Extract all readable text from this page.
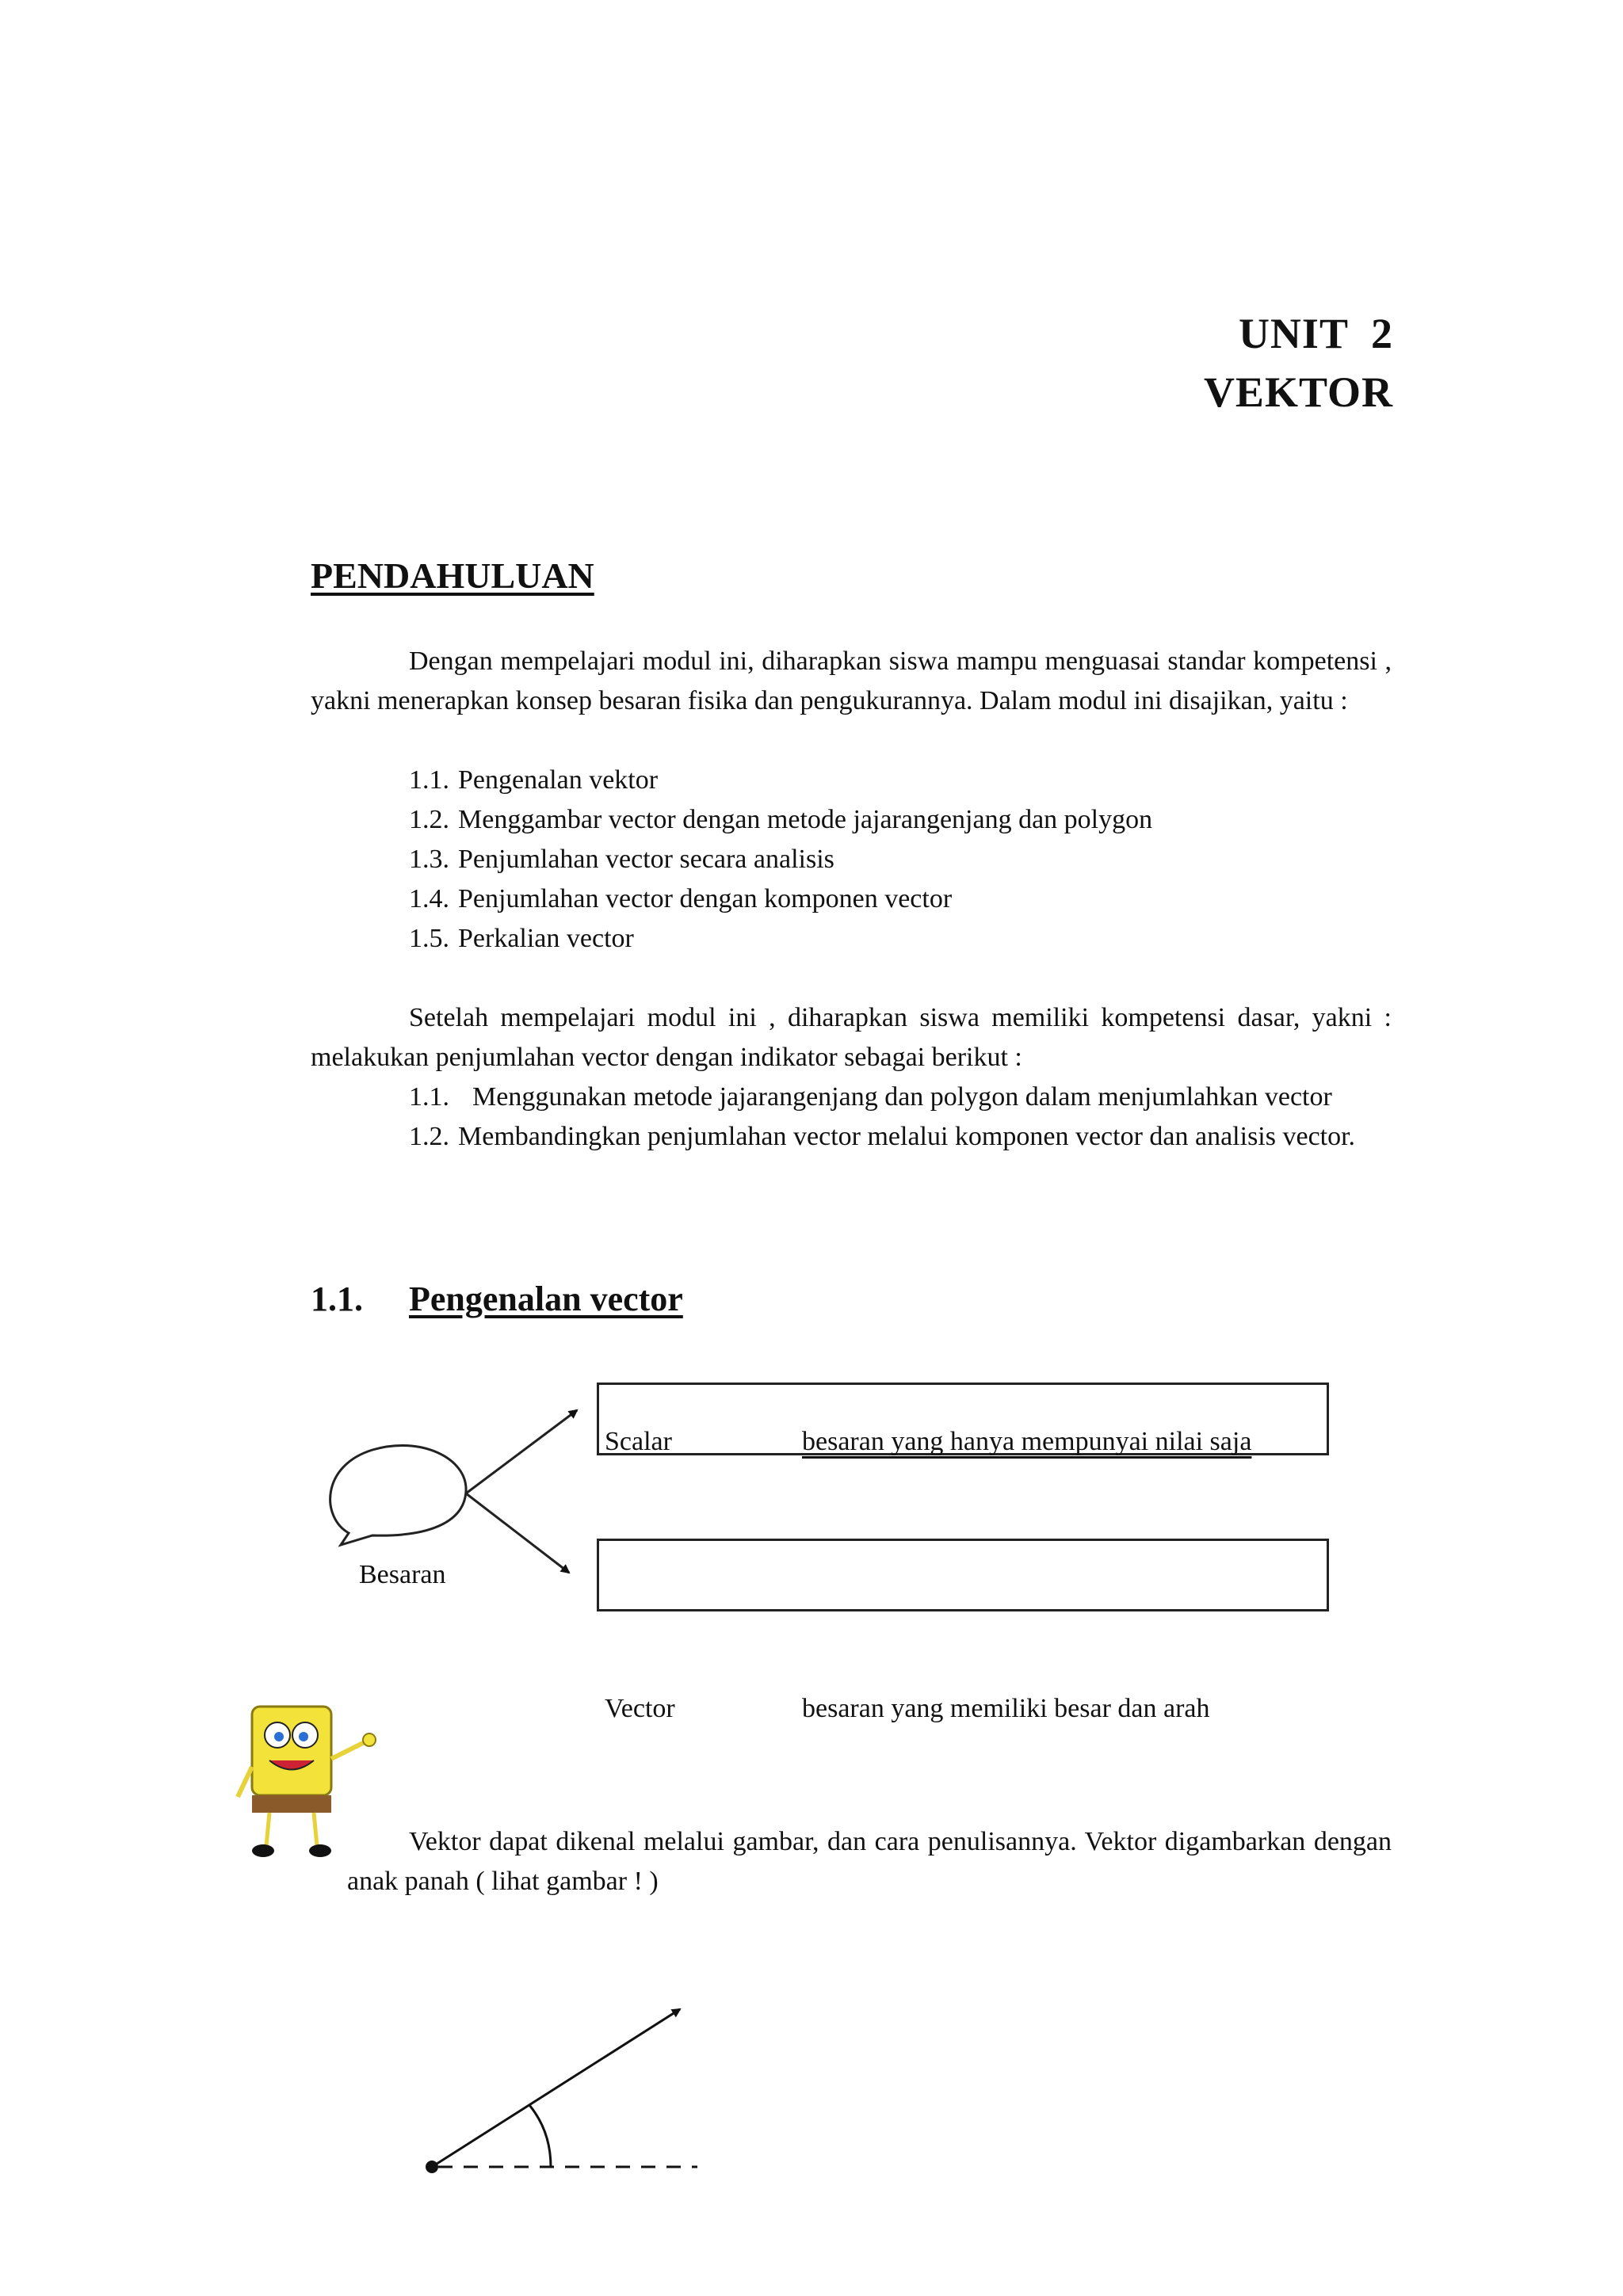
UNIT  2
VEKTOR
PENDAHULUAN
Dengan mempelajari modul ini, diharapkan siswa mampu menguasai standar kompetensi , yakni menerapkan konsep besaran fisika dan pengukurannya. Dalam modul ini disajikan, yaitu :
1.1. Pengenalan vektor
1.2. Menggambar vector dengan metode jajarangenjang dan polygon
1.3. Penjumlahan vector secara analisis
1.4. Penjumlahan vector dengan komponen vector
1.5. Perkalian vector
Setelah mempelajari modul ini , diharapkan siswa memiliki kompetensi dasar, yakni : melakukan penjumlahan vector dengan indikator sebagai berikut :
1.1. Menggunakan metode jajarangenjang dan polygon dalam menjumlahkan vector
1.2. Membandingkan penjumlahan vector melalui komponen vector dan analisis vector.
1.1. Pengenalan vector
Scalar	besaran yang hanya mempunyai nilai saja
Besaran
Vector	besaran yang memiliki besar dan arah
Vektor dapat dikenal melalui gambar, dan cara penulisannya. Vektor digambarkan dengan anak panah ( lihat gambar ! )
